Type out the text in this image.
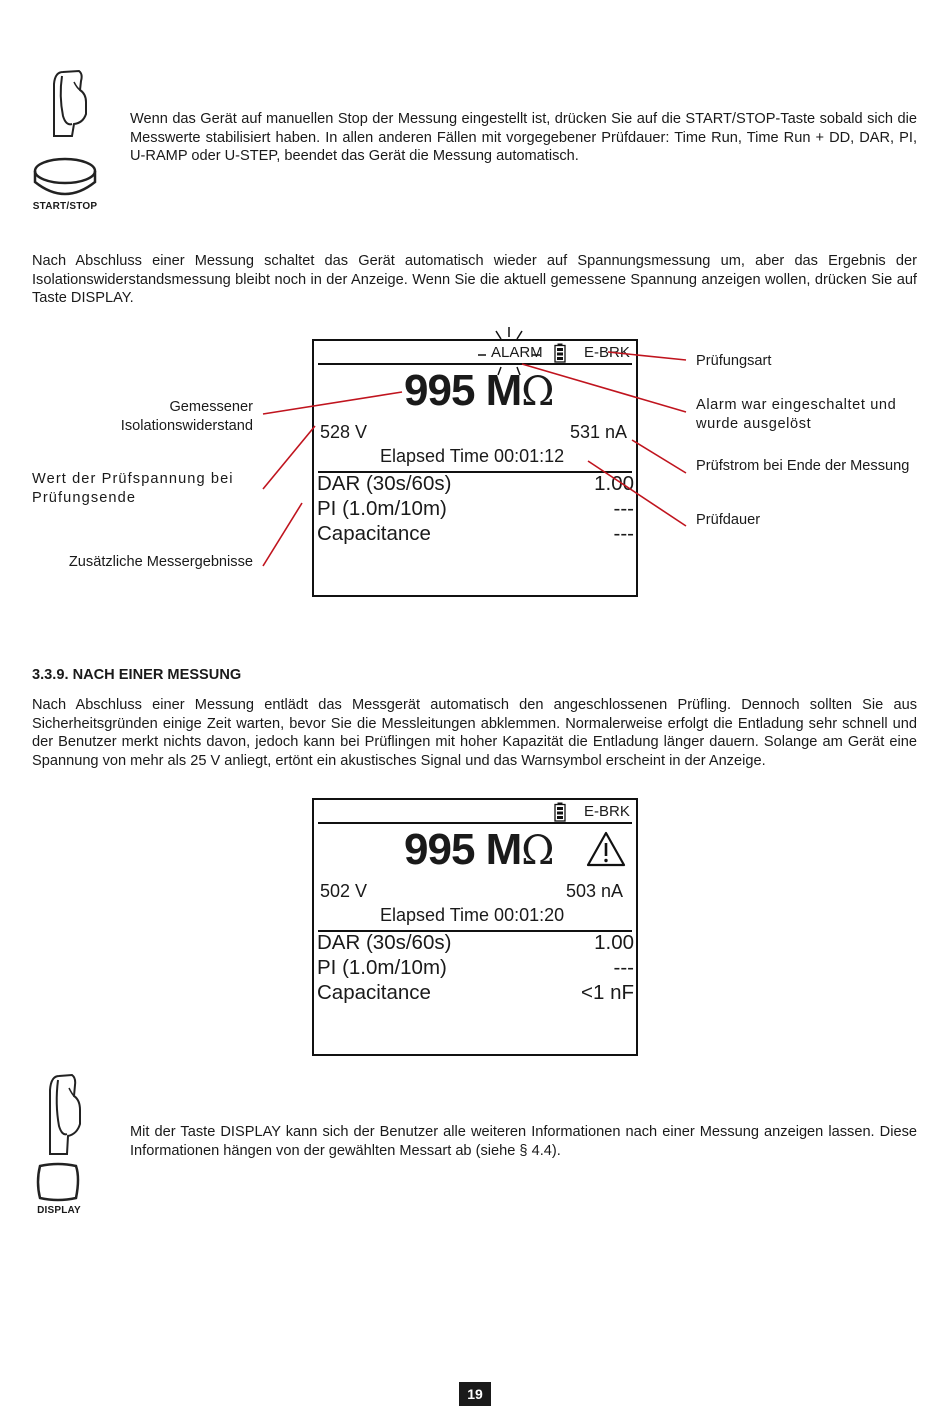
START/STOP
Wenn das Gerät auf manuellen Stop der Messung eingestellt ist, drücken Sie auf die START/STOP-Taste sobald sich die Messwerte stabilisiert haben. In allen anderen Fällen mit vorgegebener Prüfdauer: Time Run, Time Run + DD, DAR, PI, U-RAMP oder U-STEP, beendet das Gerät die Messung automatisch.
Nach Abschluss einer Messung schaltet das Gerät automatisch wieder auf Spannungsmessung um, aber das Ergebnis der Isolationswiderstandsmessung bleibt noch in der Anzeige. Wenn Sie die aktuell gemessene Spannung anzeigen wollen, drücken Sie auf Taste DISPLAY.
ALARM	E-BRK
995 MΩ
528 V	531 nA
Elapsed Time 00:01:12
DAR (30s/60s)	1.00
PI (1.0m/10m)	---
Capacitance	---
Gemessener
Isolationswiderstand
Wert der Prüfspannung bei
Prüfungsende
Zusätzliche Messergebnisse
Prüfungsart
Alarm war eingeschaltet und
wurde ausgelöst
Prüfstrom bei Ende der Messung
Prüfdauer
3.3.9. NACH EINER MESSUNG
Nach Abschluss einer Messung entlädt das Messgerät automatisch den angeschlossenen Prüfling. Dennoch sollten Sie aus Sicherheitsgründen einige Zeit warten, bevor Sie die Messleitungen abklemmen. Normalerweise erfolgt die Entladung sehr schnell und der Benutzer merkt nichts davon, jedoch kann bei Prüflingen mit hoher Kapazität die Entladung länger dauern. Solange am Gerät eine Spannung von mehr als 25 V anliegt, ertönt ein akustisches Signal und das Warnsymbol erscheint in der Anzeige.
E-BRK
995 MΩ
502 V	503 nA
Elapsed Time 00:01:20
DAR (30s/60s)	1.00
PI (1.0m/10m)	---
Capacitance	<1 nF
DISPLAY
Mit der Taste DISPLAY kann sich der Benutzer alle weiteren Informationen nach einer Messung anzeigen lassen. Diese Informationen hängen von der gewählten Messart ab (siehe § 4.4).
19
